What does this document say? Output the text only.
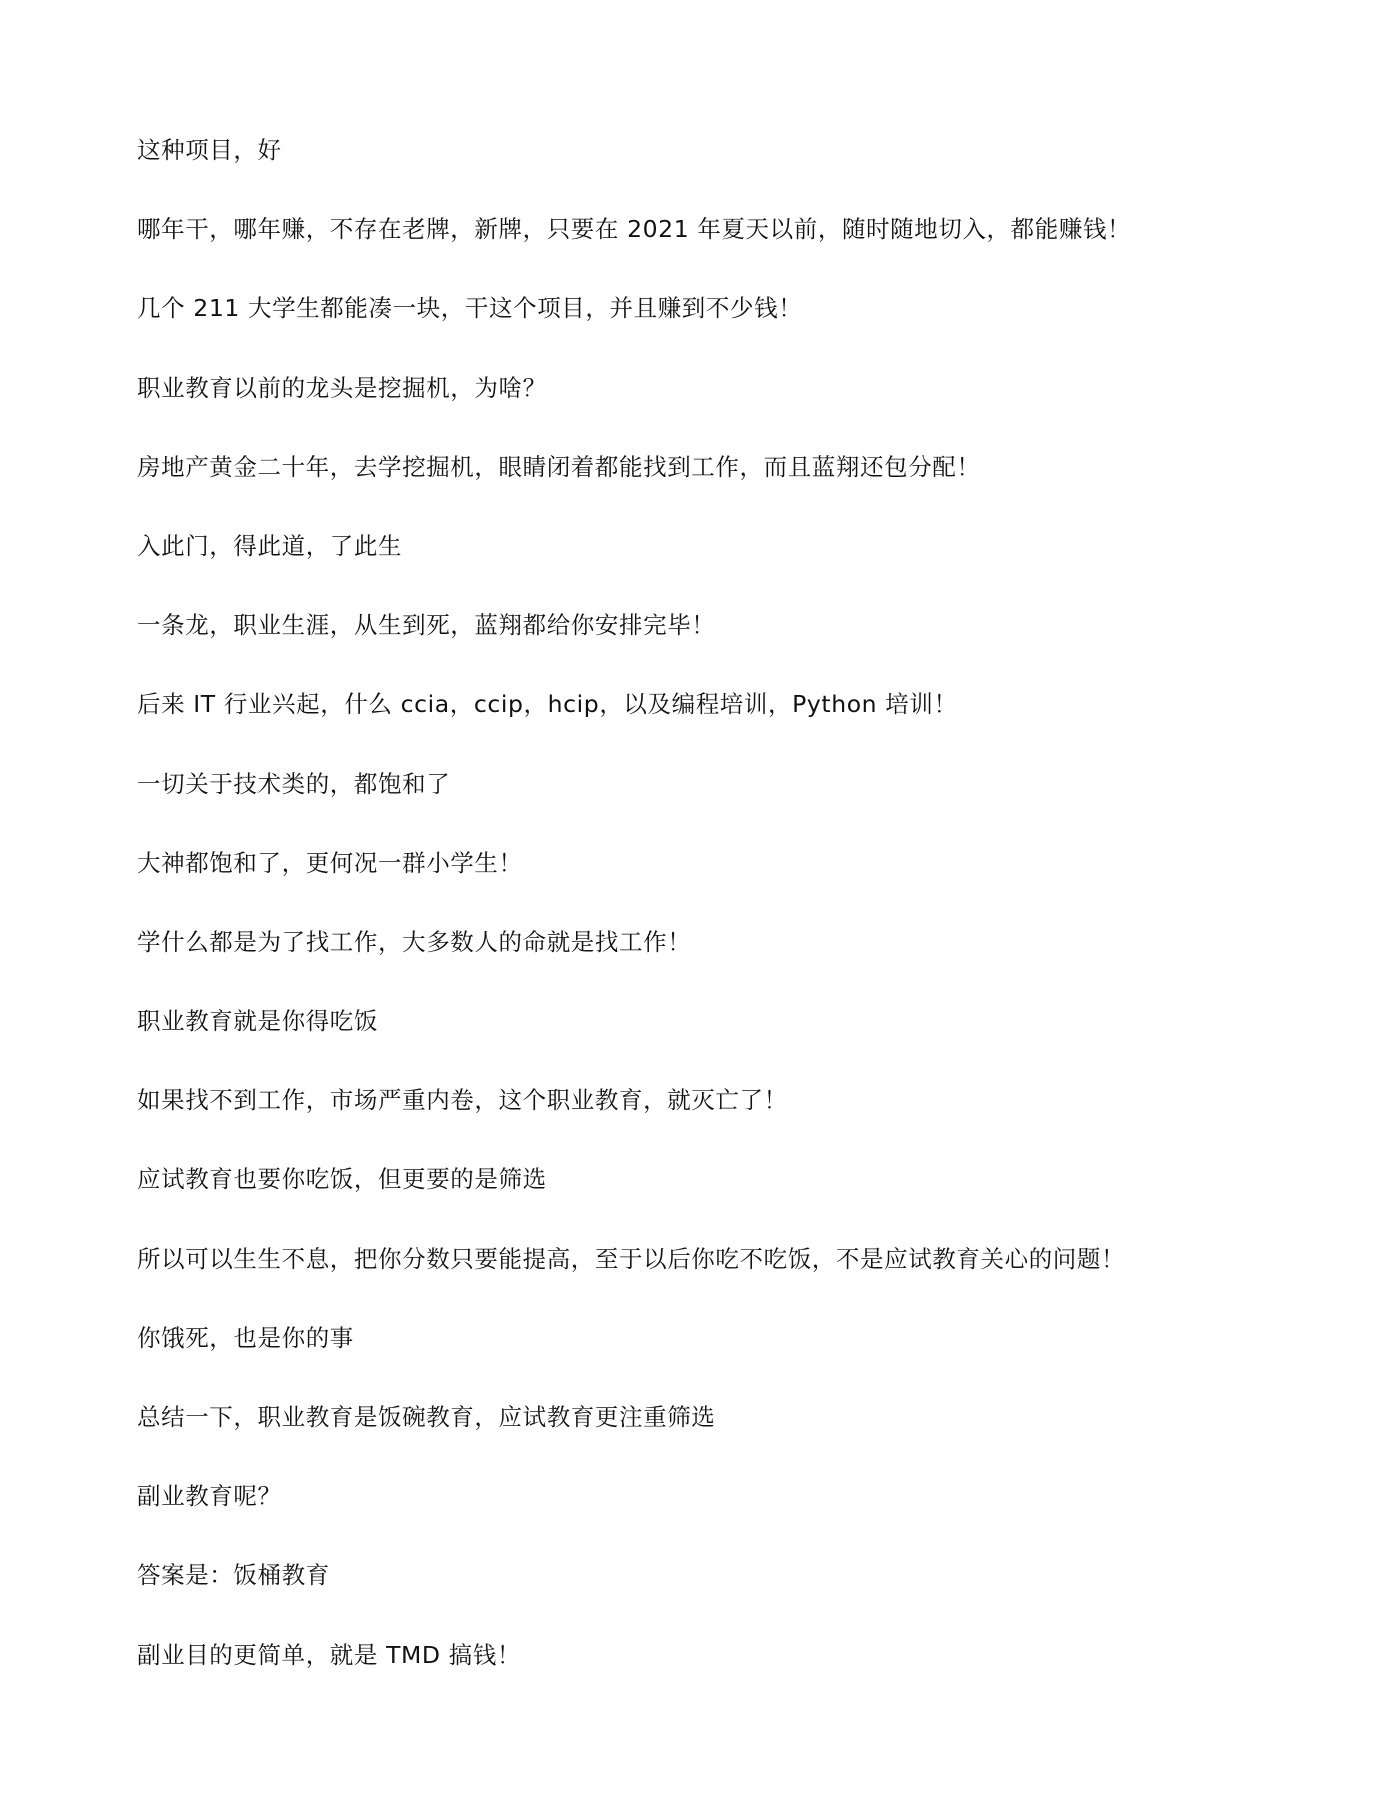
这种项目，好
哪年干，哪年赚，不存在老牌，新牌，只要在 2021 年夏天以前，随时随地切入，都能赚钱！
几个 211 大学生都能凑一块，干这个项目，并且赚到不少钱！
职业教育以前的龙头是挖掘机，为啥？
房地产黄金二十年，去学挖掘机，眼睛闭着都能找到工作，而且蓝翔还包分配！
入此门，得此道，了此生
一条龙，职业生涯，从生到死，蓝翔都给你安排完毕！
后来 IT 行业兴起，什么 ccia，ccip，hcip，以及编程培训，Python 培训！
一切关于技术类的，都饱和了
大神都饱和了，更何况一群小学生！
学什么都是为了找工作，大多数人的命就是找工作！
职业教育就是你得吃饭
如果找不到工作，市场严重内卷，这个职业教育，就灭亡了！
应试教育也要你吃饭，但更要的是筛选
所以可以生生不息，把你分数只要能提高，至于以后你吃不吃饭，不是应试教育关心的问题！
你饿死，也是你的事
总结一下，职业教育是饭碗教育，应试教育更注重筛选
副业教育呢？
答案是：饭桶教育
副业目的更简单，就是 TMD 搞钱！
